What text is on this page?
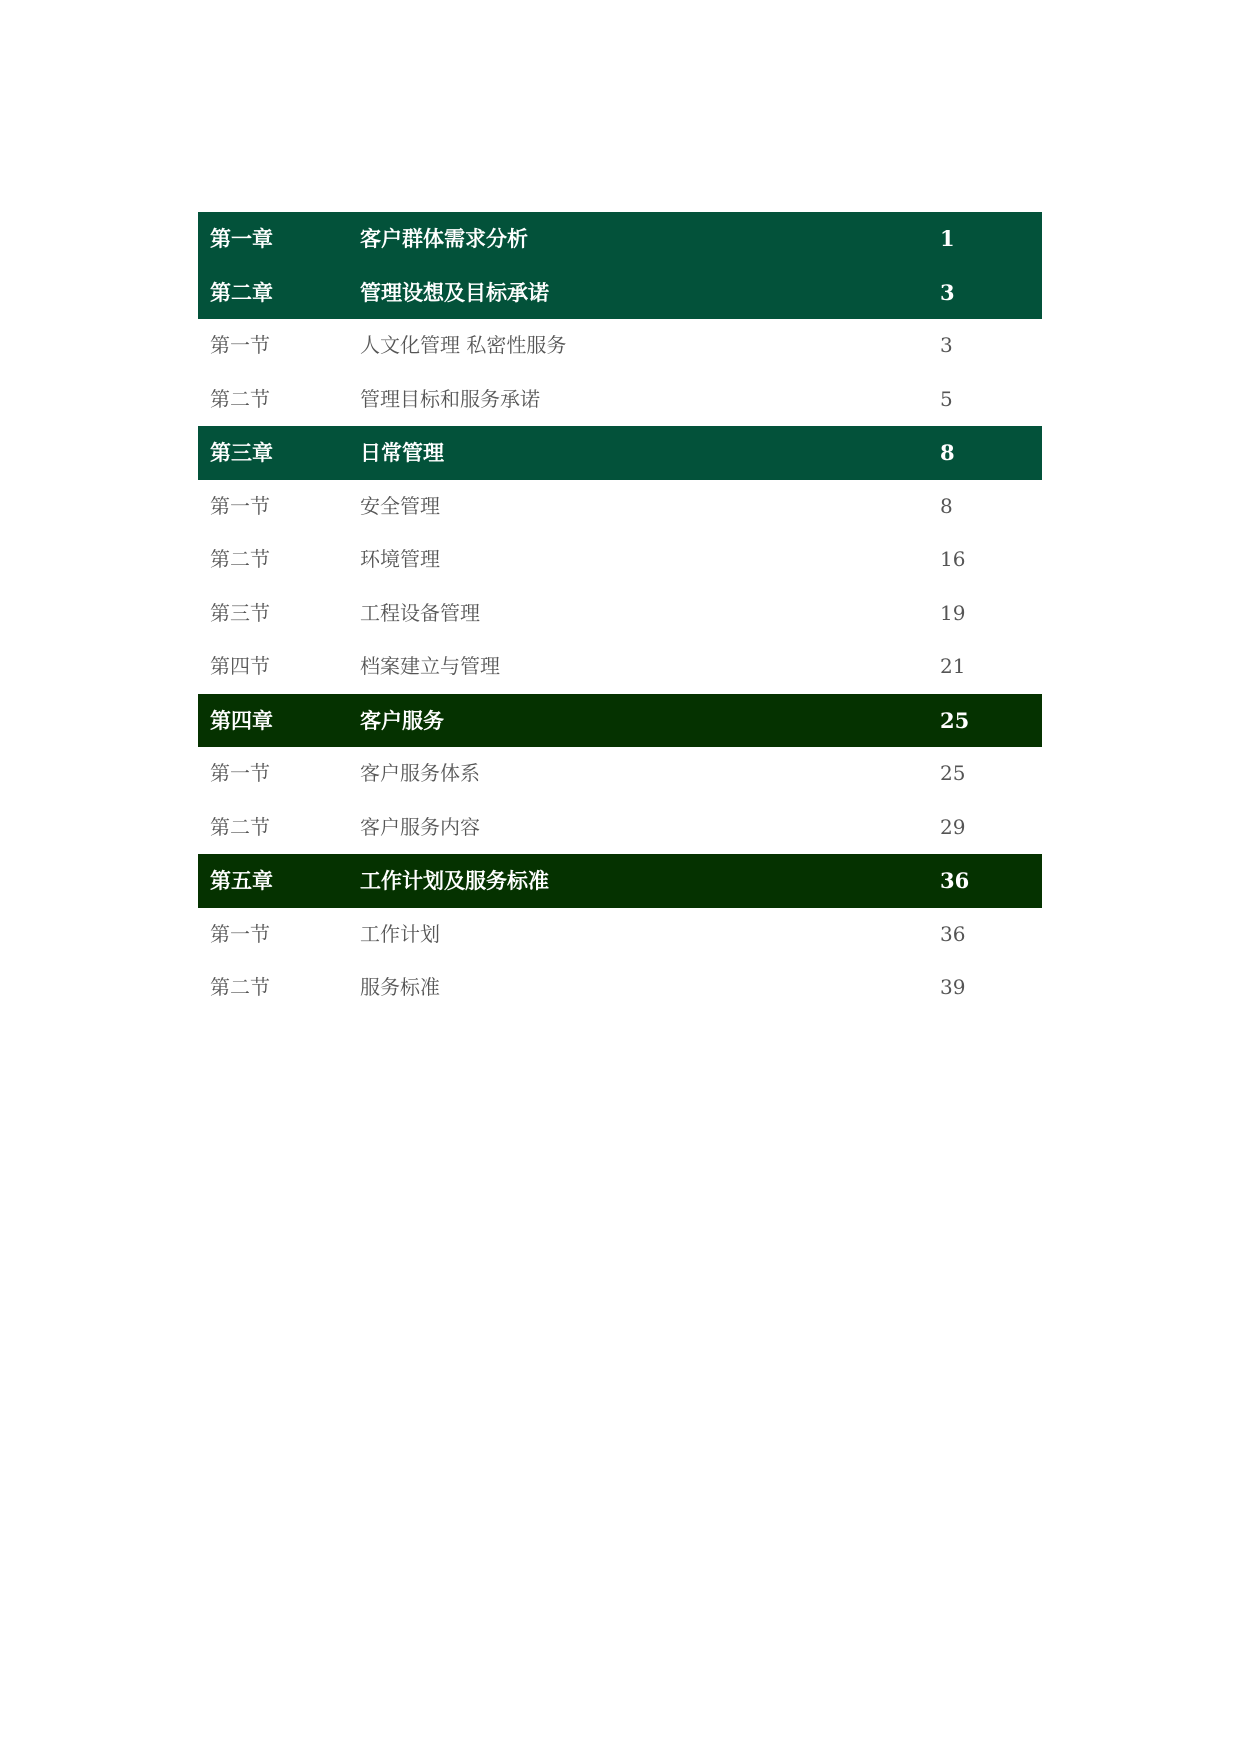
第一章	客户群体需求分析	1
第二章	管理设想及目标承诺	3
第一节	人文化管理 私密性服务	3
第二节	管理目标和服务承诺	5
第三章	日常管理	8
第一节	安全管理	8
第二节	环境管理	16
第三节	工程设备管理	19
第四节	档案建立与管理	21
第四章	客户服务	25
第一节	客户服务体系	25
第二节	客户服务内容	29
第五章	工作计划及服务标准	36
第一节	工作计划	36
第二节	服务标准	39
